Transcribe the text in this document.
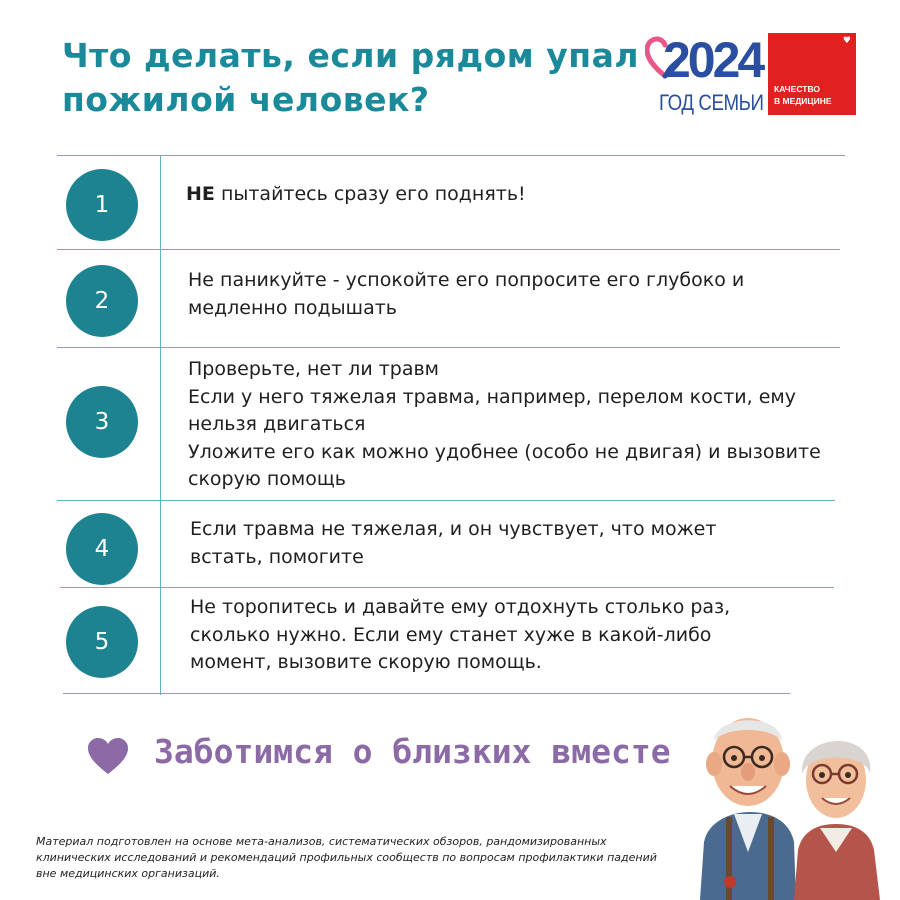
Что делать, если рядом упал пожилой человек?
2024
ГОД СЕМЬИ
♥
КАЧЕСТВО
В МЕДИЦИНЕ
1	НЕ пытайтесь сразу его поднять!
2
Не паникуйте - успокойте его попросите его глубоко и медленно подышать
3
Проверьте, нет ли травм
Если у него тяжелая травма, например, перелом кости, ему нельзя двигаться
Уложите его как можно удобнее (особо не двигая) и вызовите скорую помощь
4
Если травма не тяжелая, и он чувствует, что может встать, помогите
5
Не торопитесь и давайте ему отдохнуть столько раз, сколько нужно. Если ему станет хуже в какой-либо момент, вызовите скорую помощь.
Заботимся о близких вместе
Материал подготовлен на основе мета-анализов, систематических обзоров, рандомизированных клинических исследований и рекомендаций профильных сообществ по вопросам профилактики падений вне медицинских организаций.
